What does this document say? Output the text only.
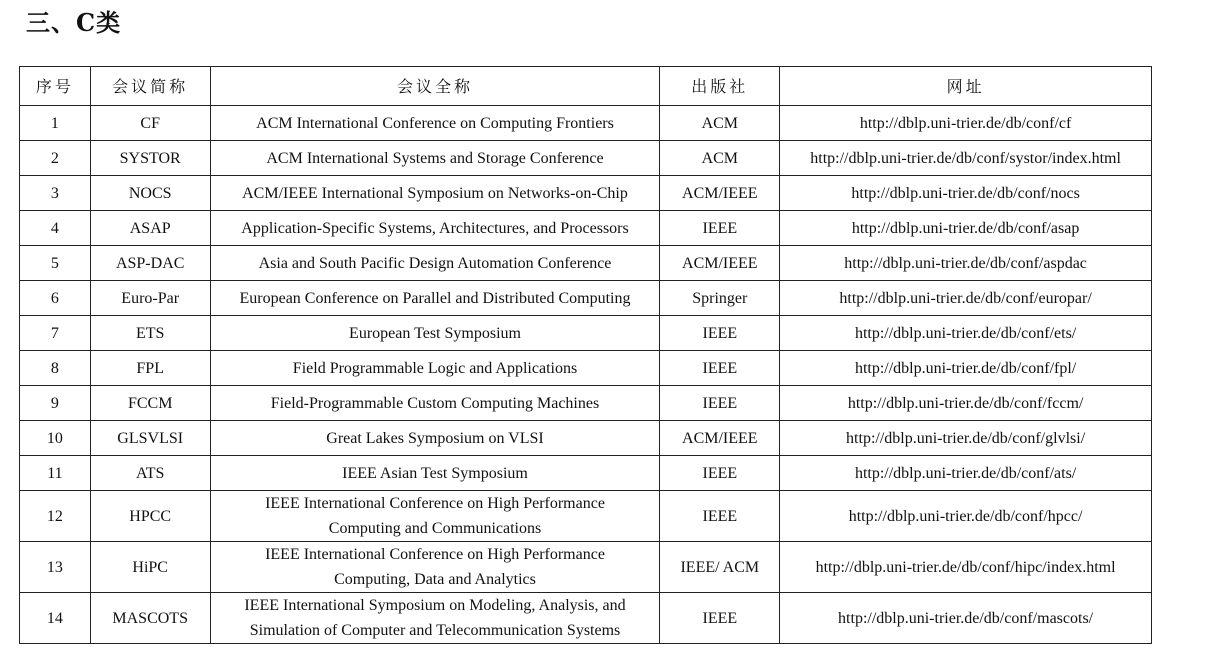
三、C类
序号	会议简称	会议全称	出版社	网址
1	CF	ACM International Conference on Computing Frontiers	ACM	http://dblp.uni-trier.de/db/conf/cf
2	SYSTOR	ACM International Systems and Storage Conference	ACM	http://dblp.uni-trier.de/db/conf/systor/index.html
3	NOCS	ACM/IEEE International Symposium on Networks-on-Chip	ACM/IEEE	http://dblp.uni-trier.de/db/conf/nocs
4	ASAP	Application-Specific Systems, Architectures, and Processors	IEEE	http://dblp.uni-trier.de/db/conf/asap
5	ASP-DAC	Asia and South Pacific Design Automation Conference	ACM/IEEE	http://dblp.uni-trier.de/db/conf/aspdac
6	Euro-Par	European Conference on Parallel and Distributed Computing	Springer	http://dblp.uni-trier.de/db/conf/europar/
7	ETS	European Test Symposium	IEEE	http://dblp.uni-trier.de/db/conf/ets/
8	FPL	Field Programmable Logic and Applications	IEEE	http://dblp.uni-trier.de/db/conf/fpl/
9	FCCM	Field-Programmable Custom Computing Machines	IEEE	http://dblp.uni-trier.de/db/conf/fccm/
10	GLSVLSI	Great Lakes Symposium on VLSI	ACM/IEEE	http://dblp.uni-trier.de/db/conf/glvlsi/
11	ATS	IEEE Asian Test Symposium	IEEE	http://dblp.uni-trier.de/db/conf/ats/
12	HPCC	IEEE International Conference on High Performance
Computing and Communications	IEEE	http://dblp.uni-trier.de/db/conf/hpcc/
13	HiPC	IEEE International Conference on High Performance
Computing, Data and Analytics	IEEE/ ACM	http://dblp.uni-trier.de/db/conf/hipc/index.html
14	MASCOTS	IEEE International Symposium on Modeling, Analysis, and
Simulation of Computer and Telecommunication Systems	IEEE	http://dblp.uni-trier.de/db/conf/mascots/
